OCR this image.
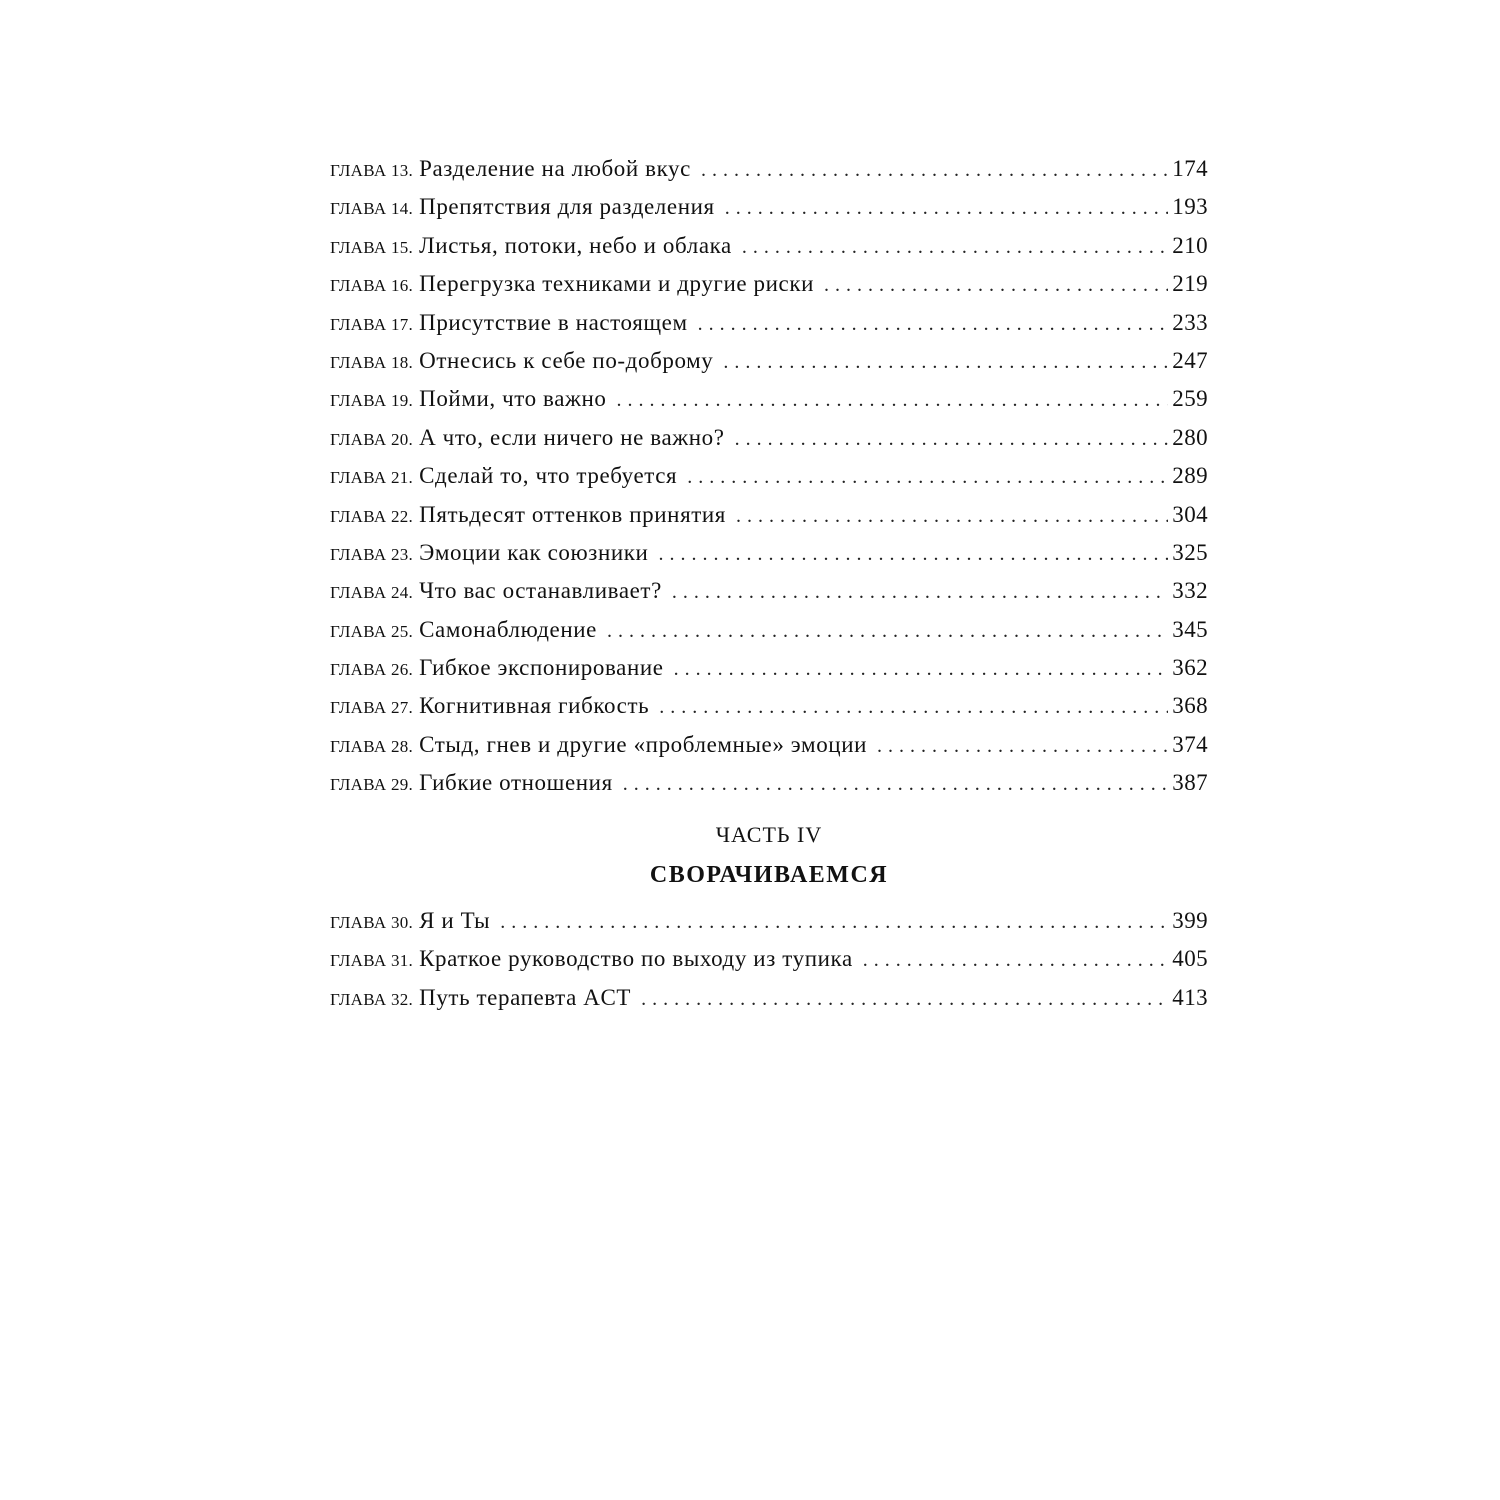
ГЛАВА 13. Разделение на любой вкус . . .	174
ГЛАВА 14. Препятствия для разделения . . .	193
ГЛАВА 15. Листья, потоки, небо и облака . . .	210
ГЛАВА 16. Перегрузка техниками и другие риски . . .	219
ГЛАВА 17. Присутствие в настоящем . . .	233
ГЛАВА 18. Отнесись к себе по-доброму . . .	247
ГЛАВА 19. Пойми, что важно . . .	259
ГЛАВА 20. А что, если ничего не важно? . . .	280
ГЛАВА 21. Сделай то, что требуется . . .	289
ГЛАВА 22. Пятьдесят оттенков принятия . . .	304
ГЛАВА 23. Эмоции как союзники . . .	325
ГЛАВА 24. Что вас останавливает? . . .	332
ГЛАВА 25. Самонаблюдение . . .	345
ГЛАВА 26. Гибкое экспонирование . . .	362
ГЛАВА 27. Когнитивная гибкость . . .	368
ГЛАВА 28. Стыд, гнев и другие «проблемные» эмоции . . .	374
ГЛАВА 29. Гибкие отношения . . .	387
ЧАСТЬ IV
СВОРАЧИВАЕМСЯ
ГЛАВА 30. Я и Ты . . .	399
ГЛАВА 31. Краткое руководство по выходу из тупика . . .	405
ГЛАВА 32. Путь терапевта ACT . . .	413
